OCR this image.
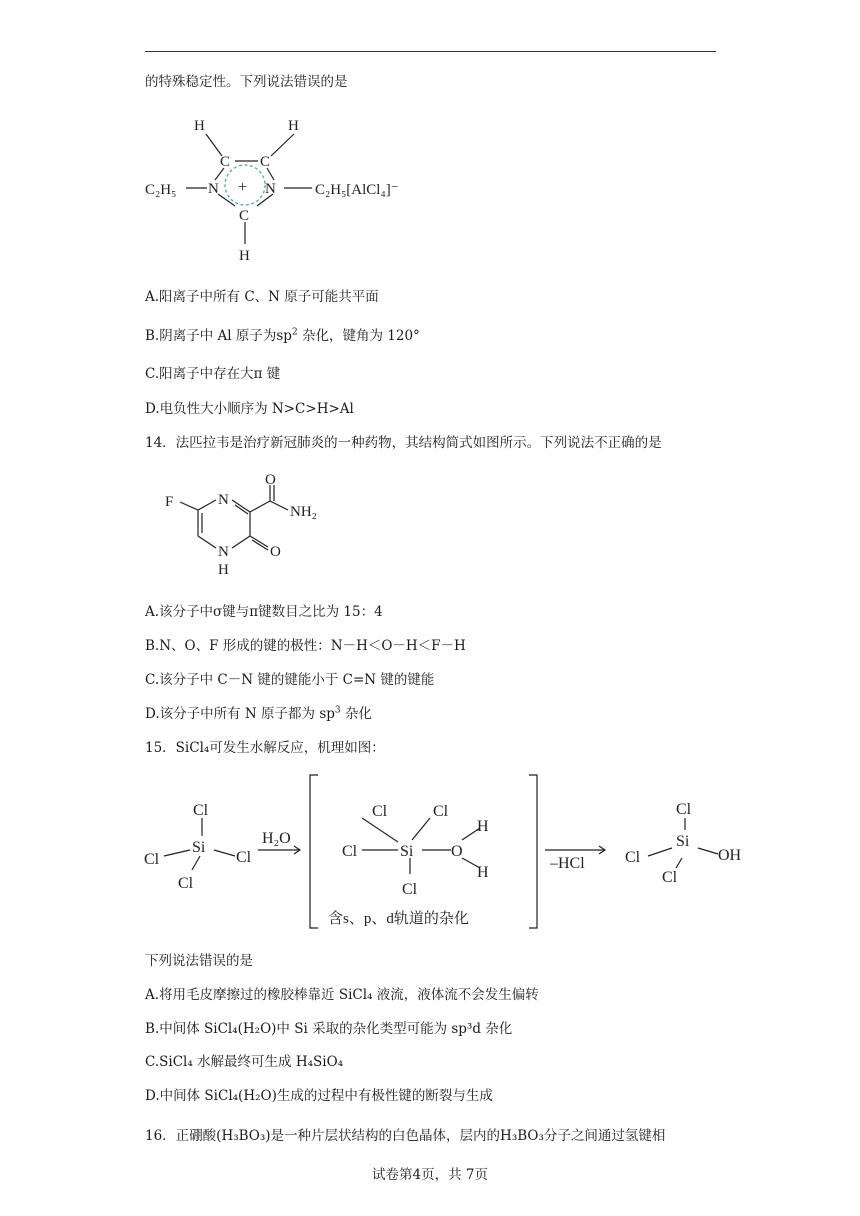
的特殊稳定性。下列说法错误的是
H	H
C C
+
N	N
C
H
C₂H₅	C₂H₅[AlCl₄]⁻
A.阳离子中所有 C、N 原子可能共平面
B.阴离子中 Al 原子为$sp^2$ 杂化，键角为 120°
C.阳离子中存在大π 键
D.电负性大小顺序为 N>C>H>Al
14．法匹拉韦是治疗新冠肺炎的一种药物，其结构简式如图所示。下列说法不正确的是
F	N
O
NH₂
O
N
H
A.该分子中σ键与π键数目之比为 15：4
B.N、O、F 形成的键的极性：N－H＜O－H＜F－H
C.该分子中 C－N 键的键能小于 C=N 键的键能
D.该分子中所有 N 原子都为 $sp^3$ 杂化
15．SiCl₄可发生水解反应，机理如图：
Cl
Si
Cl	Cl
Cl
H₂O
Cl	Cl
Cl	Si O
H
H
Cl
含s、p、d轨道的杂化
–HCl
Cl
Si
Cl	OH
Cl
下列说法错误的是
A.将用毛皮摩擦过的橡胶棒靠近 SiCl₄ 液流，液体流不会发生偏转
B.中间体 SiCl₄(H₂O)中 Si 采取的杂化类型可能为 sp³d 杂化
C.SiCl₄ 水解最终可生成 H₄SiO₄
D.中间体 SiCl₄(H₂O)生成的过程中有极性键的断裂与生成
16．正硼酸(H₃BO₃)是一种片层状结构的白色晶体，层内的H₃BO₃分子之间通过氢键相
试卷第4页，共 7页
